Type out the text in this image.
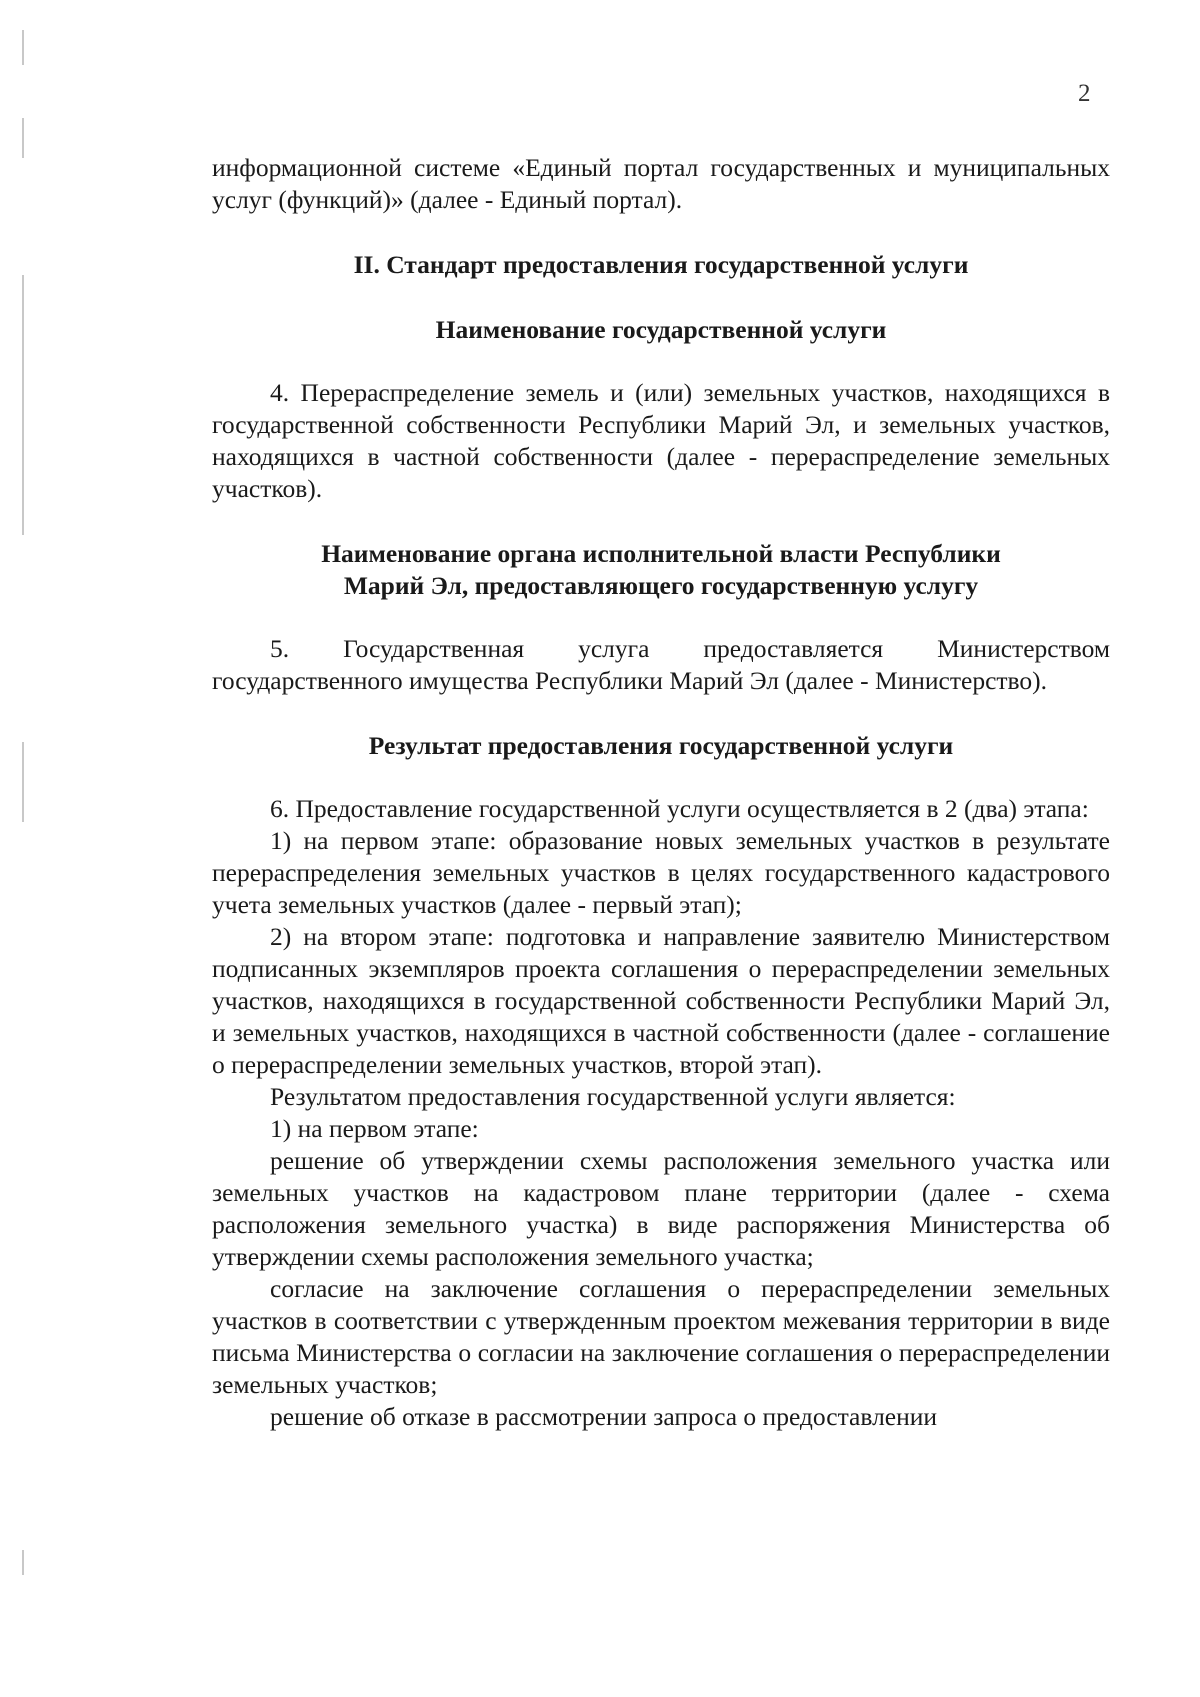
2

информационной системе «Единый портал государственных и муниципальных услуг (функций)» (далее - Единый портал).

II. Стандарт предоставления государственной услуги
Наименование государственной услуги

4. Перераспределение земель и (или) земельных участков, находящихся в государственной собственности Республики Марий Эл, и земельных участков, находящихся в частной собственности (далее - перераспределение земельных участков).

Наименование органа исполнительной власти Республики
Марий Эл, предоставляющего государственную услугу

5. Государственная услуга предоставляется Министерством государственного имущества Республики Марий Эл (далее - Министерство).

Результат предоставления государственной услуги

6. Предоставление государственной услуги осуществляется в 2 (два) этапа:

1) на первом этапе: образование новых земельных участков в результате перераспределения земельных участков в целях государственного кадастрового учета земельных участков (далее - первый этап);

2) на втором этапе: подготовка и направление заявителю Министерством подписанных экземпляров проекта соглашения о перераспределении земельных участков, находящихся в государственной собственности Республики Марий Эл, и земельных участков, находящихся в частной собственности (далее - соглашение о перераспределении земельных участков, второй этап).

Результатом предоставления государственной услуги является:

1) на первом этапе:

решение об утверждении схемы расположения земельного участка или земельных участков на кадастровом плане территории (далее - схема расположения земельного участка) в виде распоряжения Министерства об утверждении схемы расположения земельного участка;

согласие на заключение соглашения о перераспределении земельных участков в соответствии с утвержденным проектом межевания территории в виде письма Министерства о согласии на заключение соглашения о перераспределении земельных участков;

решение об отказе в рассмотрении запроса о предоставлении
